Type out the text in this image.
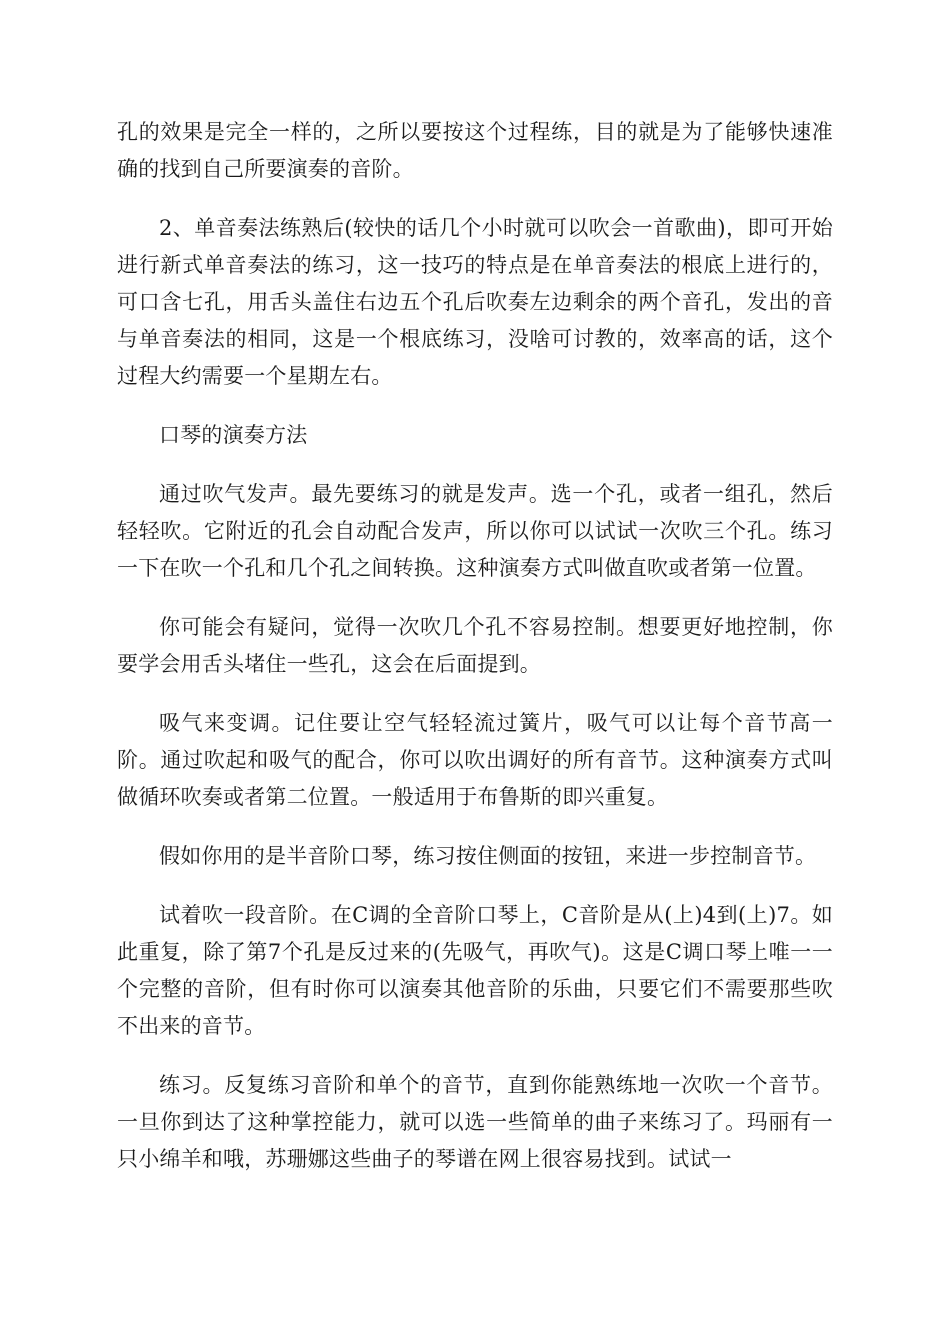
孔的效果是完全一样的，之所以要按这个过程练，目的就是为了能够快速准确的找到自己所要演奏的音阶。

2、单音奏法练熟后(较快的话几个小时就可以吹会一首歌曲)，即可开始进行新式单音奏法的练习，这一技巧的特点是在单音奏法的根底上进行的，可口含七孔，用舌头盖住右边五个孔后吹奏左边剩余的两个音孔，发出的音与单音奏法的相同，这是一个根底练习，没啥可讨教的，效率高的话，这个过程大约需要一个星期左右。

口琴的演奏方法

通过吹气发声。最先要练习的就是发声。选一个孔，或者一组孔，然后轻轻吹。它附近的孔会自动配合发声，所以你可以试试一次吹三个孔。练习一下在吹一个孔和几个孔之间转换。这种演奏方式叫做直吹或者第一位置。

你可能会有疑问，觉得一次吹几个孔不容易控制。想要更好地控制，你要学会用舌头堵住一些孔，这会在后面提到。

吸气来变调。记住要让空气轻轻流过簧片，吸气可以让每个音节高一阶。通过吹起和吸气的配合，你可以吹出调好的所有音节。这种演奏方式叫做循环吹奏或者第二位置。一般适用于布鲁斯的即兴重复。

假如你用的是半音阶口琴，练习按住侧面的按钮，来进一步控制音节。

试着吹一段音阶。在C调的全音阶口琴上，C音阶是从(上)4到(上)7。如此重复，除了第7个孔是反过来的(先吸气，再吹气)。这是C调口琴上唯一一个完整的音阶，但有时你可以演奏其他音阶的乐曲，只要它们不需要那些吹不出来的音节。

练习。反复练习音阶和单个的音节，直到你能熟练地一次吹一个音节。一旦你到达了这种掌控能力，就可以选一些简单的曲子来练习了。玛丽有一只小绵羊和哦，苏珊娜这些曲子的琴谱在网上很容易找到。试试一
